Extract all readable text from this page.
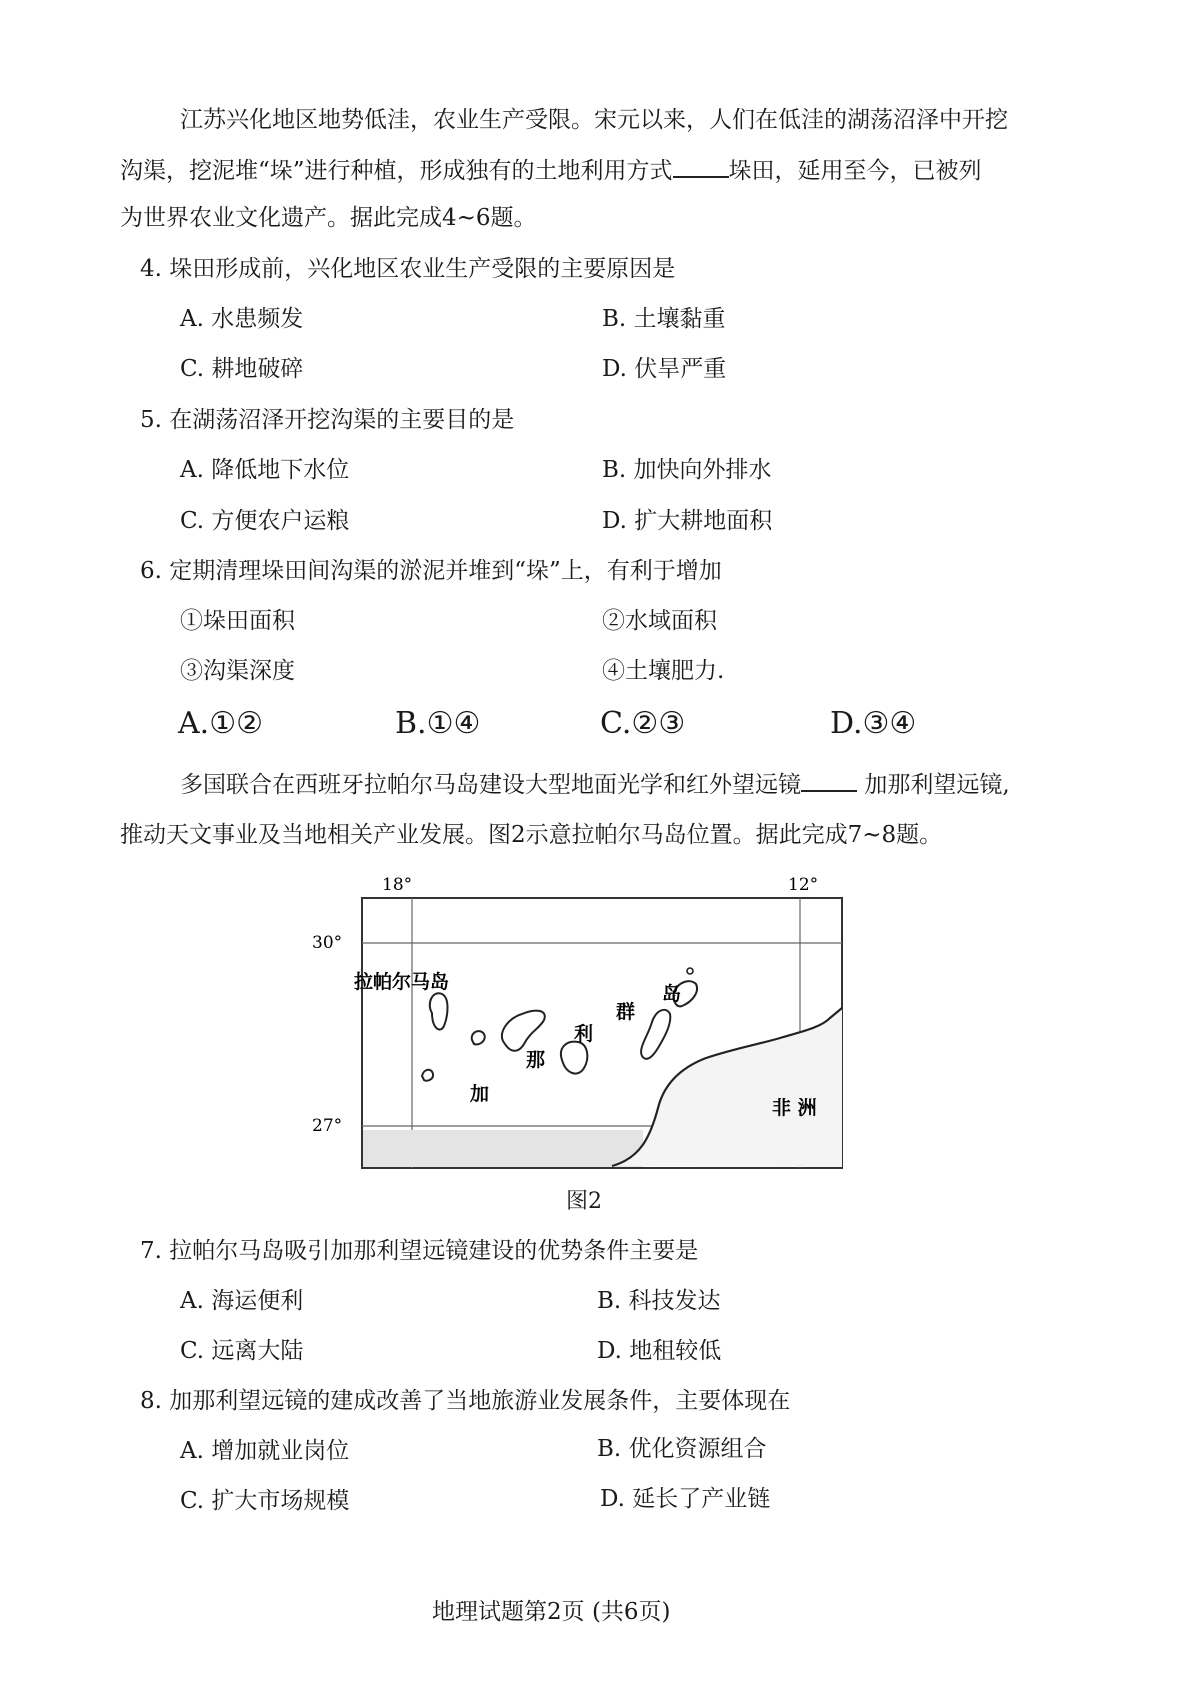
江苏兴化地区地势低洼，农业生产受限。宋元以来，人们在低洼的湖荡沼泽中开挖
沟渠，挖泥堆“垛”进行种植，形成独有的土地利用方式 垛田，延用至今，已被列
为世界农业文化遗产。据此完成4~6题。
4. 垛田形成前，兴化地区农业生产受限的主要原因是
A. 水患频发	B. 土壤黏重
C. 耕地破碎	D. 伏旱严重
5. 在湖荡沼泽开挖沟渠的主要目的是
A. 降低地下水位	B. 加快向外排水
C. 方便农户运粮	D. 扩大耕地面积
6. 定期清理垛田间沟渠的淤泥并堆到“垛”上，有利于增加
①垛田面积	②水域面积
③沟渠深度	④土壤肥力.
A.①②	B.①④	C.②③	D.③④
多国联合在西班牙拉帕尔马岛建设大型地面光学和红外望远镜	加那利望远镜,
推动天文事业及当地相关产业发展。图2示意拉帕尔马岛位置。据此完成7~8题。
18°	12°
30°
27°
拉帕尔马岛
加
那
利
群
岛
非 洲
图2
7. 拉帕尔马岛吸引加那利望远镜建设的优势条件主要是
A. 海运便利	B. 科技发达
C. 远离大陆	D. 地租较低
8. 加那利望远镜的建成改善了当地旅游业发展条件，主要体现在
A. 增加就业岗位	B. 优化资源组合
C. 扩大市场规模	D. 延长了产业链
地理试题第2页 (共6页)
